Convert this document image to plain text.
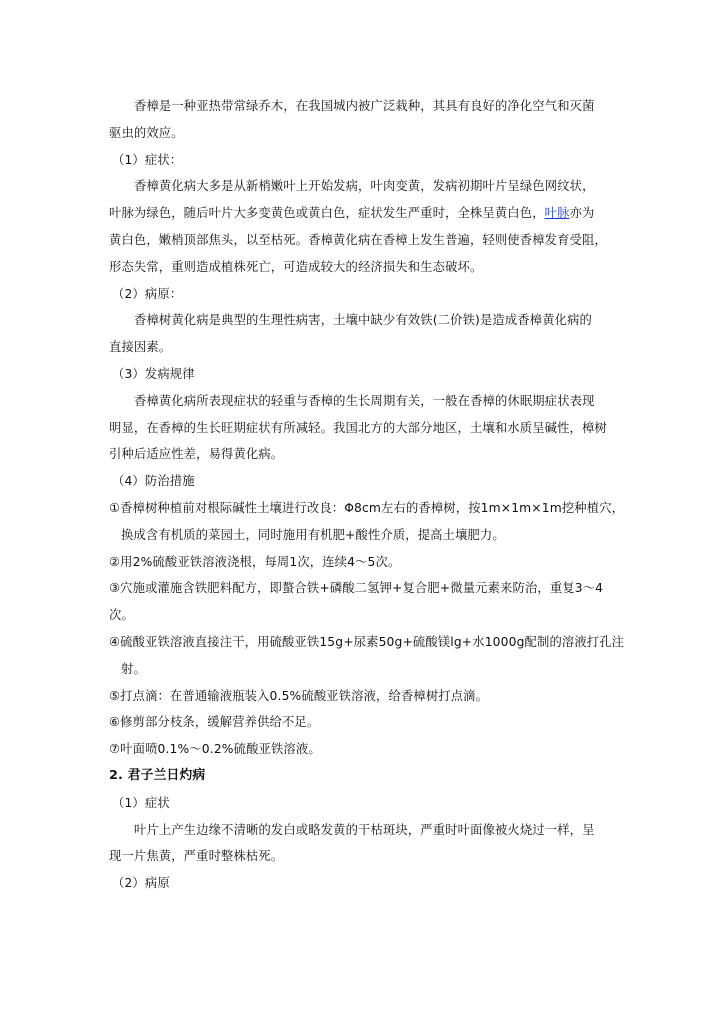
香樟是一种亚热带常绿乔木，在我国城内被广泛栽种，其具有良好的净化空气和灭菌
驱虫的效应。
（1）症状：
香樟黄化病大多是从新梢嫩叶上开始发病，叶肉变黄，发病初期叶片呈绿色网纹状，
叶脉为绿色，随后叶片大多变黄色或黄白色，症状发生严重时，全株呈黄白色，叶脉亦为
黄白色，嫩梢顶部焦头，以至枯死。香樟黄化病在香樟上发生普遍，轻则使香樟发育受阻，
形态失常，重则造成植株死亡，可造成较大的经济损失和生态破坏。
（2）病原：
香樟树黄化病是典型的生理性病害，土壤中缺少有效铁(二价铁)是造成香樟黄化病的
直接因素。
（3）发病规律
香樟黄化病所表现症状的轻重与香樟的生长周期有关，一般在香樟的休眠期症状表现
明显，在香樟的生长旺期症状有所减轻。我国北方的大部分地区，土壤和水质呈碱性，樟树
引种后适应性差，易得黄化病。
（4）防治措施
①香樟树种植前对根际碱性土壤进行改良：Φ8cm左右的香樟树，按1m×1m×1m挖种植穴，
换成含有机质的菜园土，同时施用有机肥+酸性介质，提高土壤肥力。
②用2%硫酸亚铁溶液浇根，每周1次，连续4～5次。
③穴施或灌施含铁肥料配方，即螯合铁+磷酸二氢钾+复合肥+微量元素来防治，重复3～4
次。
④硫酸亚铁溶液直接注干，用硫酸亚铁15g+尿素50g+硫酸镁lg+水1000g配制的溶液打孔注
射。
⑤打点滴：在普通输液瓶装入0.5%硫酸亚铁溶液，给香樟树打点滴。
⑥修剪部分枝条，缓解营养供给不足。
⑦叶面喷0.1%～0.2%硫酸亚铁溶液。
2. 君子兰日灼病
（1）症状
叶片上产生边缘不清晰的发白或略发黄的干枯斑块，严重时叶面像被火烧过一样，呈
现一片焦黄，严重时整株枯死。
（2）病原
